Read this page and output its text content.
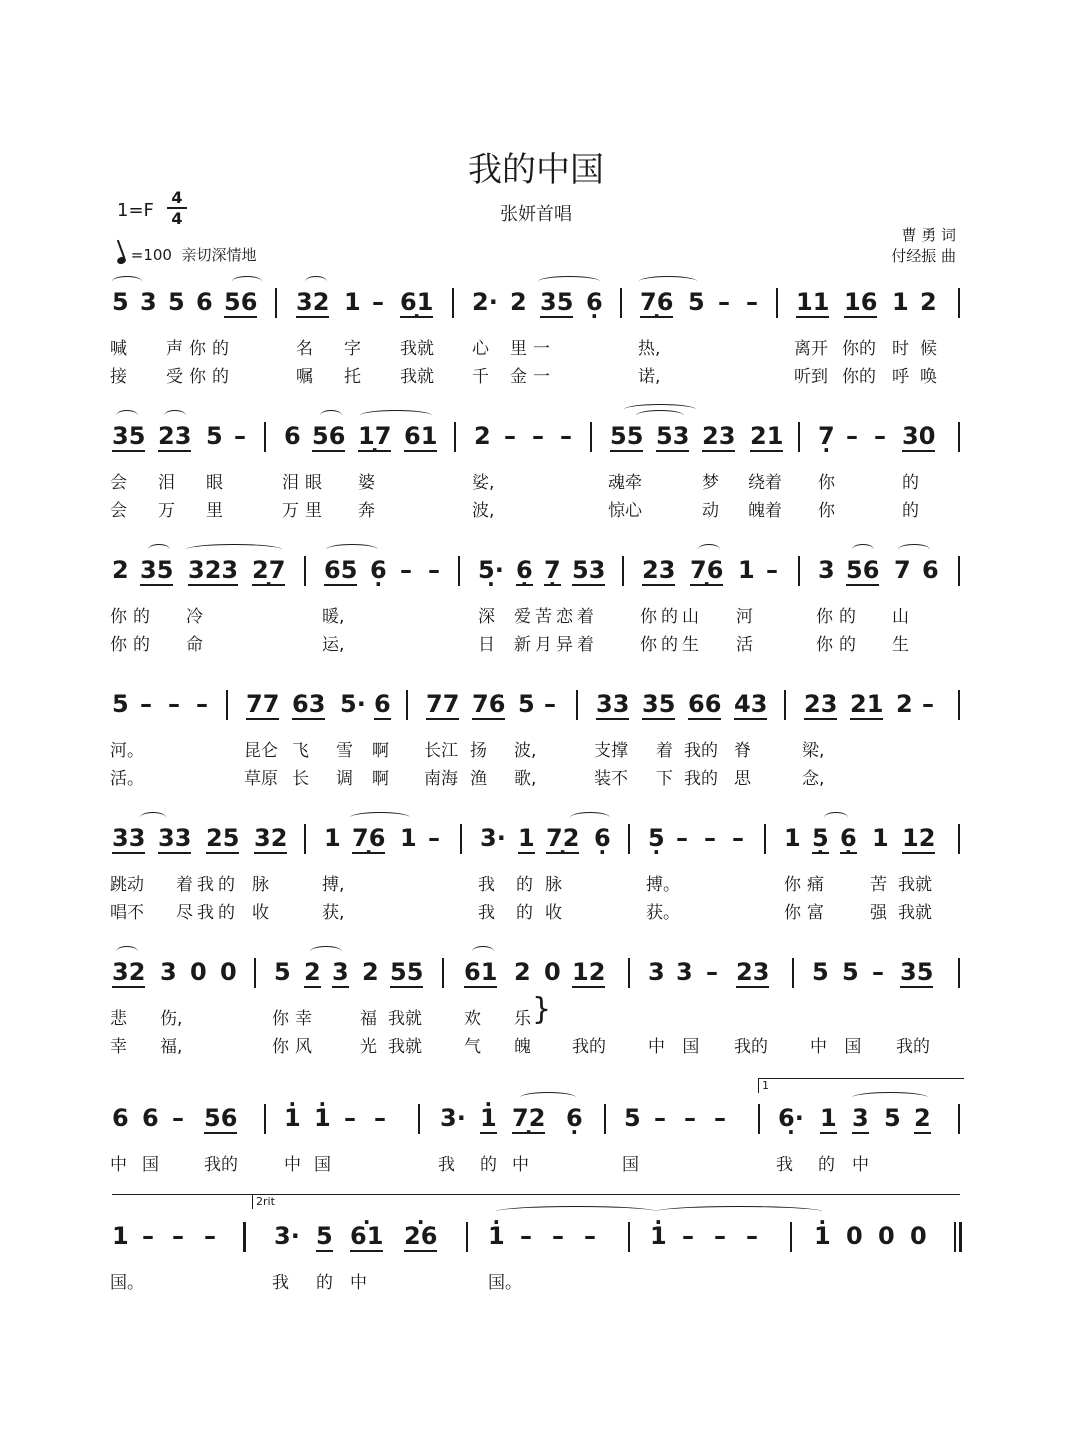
我的中国
张妍首唱
1=F
4
4
=100 亲切深情地
曹 勇 词
付经振 曲
5 3 5 6 56 32 1 – 61 · 2· 2 35 6 · 76 · 5 – – 11 16 1 2
喊 声你的	名 字 我就 心 里一	热,	离开 你的 时 候
接 受你的	嘱 托 我就 千 金一	诺,	听到 你的 呼 唤
35 23 5 – 6 56 17 · 61 2 – – – 55 53 23 21 7 · – – 30
会 泪 眼	泪眼 婆	娑,	魂牵	梦 绕着 你	的
会 万 里	万里 奔	波,	惊心	动 魄着 你	的
2 35 323 27 · 65 6 · – – 5· · 6 · 7 · 53 23 76 · 1 – 3 56 7 6
你的 冷	暖,	深 爱苦恋着 你的山 河	你的 山
你的 命	运,	日 新月异着 你的生 活	你的 生
5 – – – 77 63 5· 6 77 76 5 – 33 35 66 43 23 21 2 –
河。	昆仑 飞 雪 啊 长江 扬 波,	支撑 着 我的 脊	梁,
活。	草原 长 调 啊 南海 渔 歌,	装不 下 我的 思	念,
33 33 25 32 1 76 · 1 – 3· 1 72 · 6 · 5 · – – – 1 5 · 6 · 1 12
跳动 着我的 脉	搏,	我 的脉	搏。	你痛 苦 我就
唱不 尽我的 收	获,	我 的收	获。	你富 强 我就
32 3 0 0 5 2 3 2 55 61 2 0 12 3 3 – 23 5 5 – 35
悲 伤,	你幸 福 我就 欢 乐 }
幸 福,	你风 光 我就 气 魄 我的 中 国 我的 中 国 我的
1
6 6 – 56 · 1 · 1 – – 3· · 1 72 · 6 · 5 – – – 6· · 1 3 5 2
中 国	我的	中 国	我 的 中	国	我 的 中
2rit
1 – – – 3· 5 · 61 · 26 · 1 – – – · 1 – – – · 1 0 0 0
国。	我 的 中	国。
